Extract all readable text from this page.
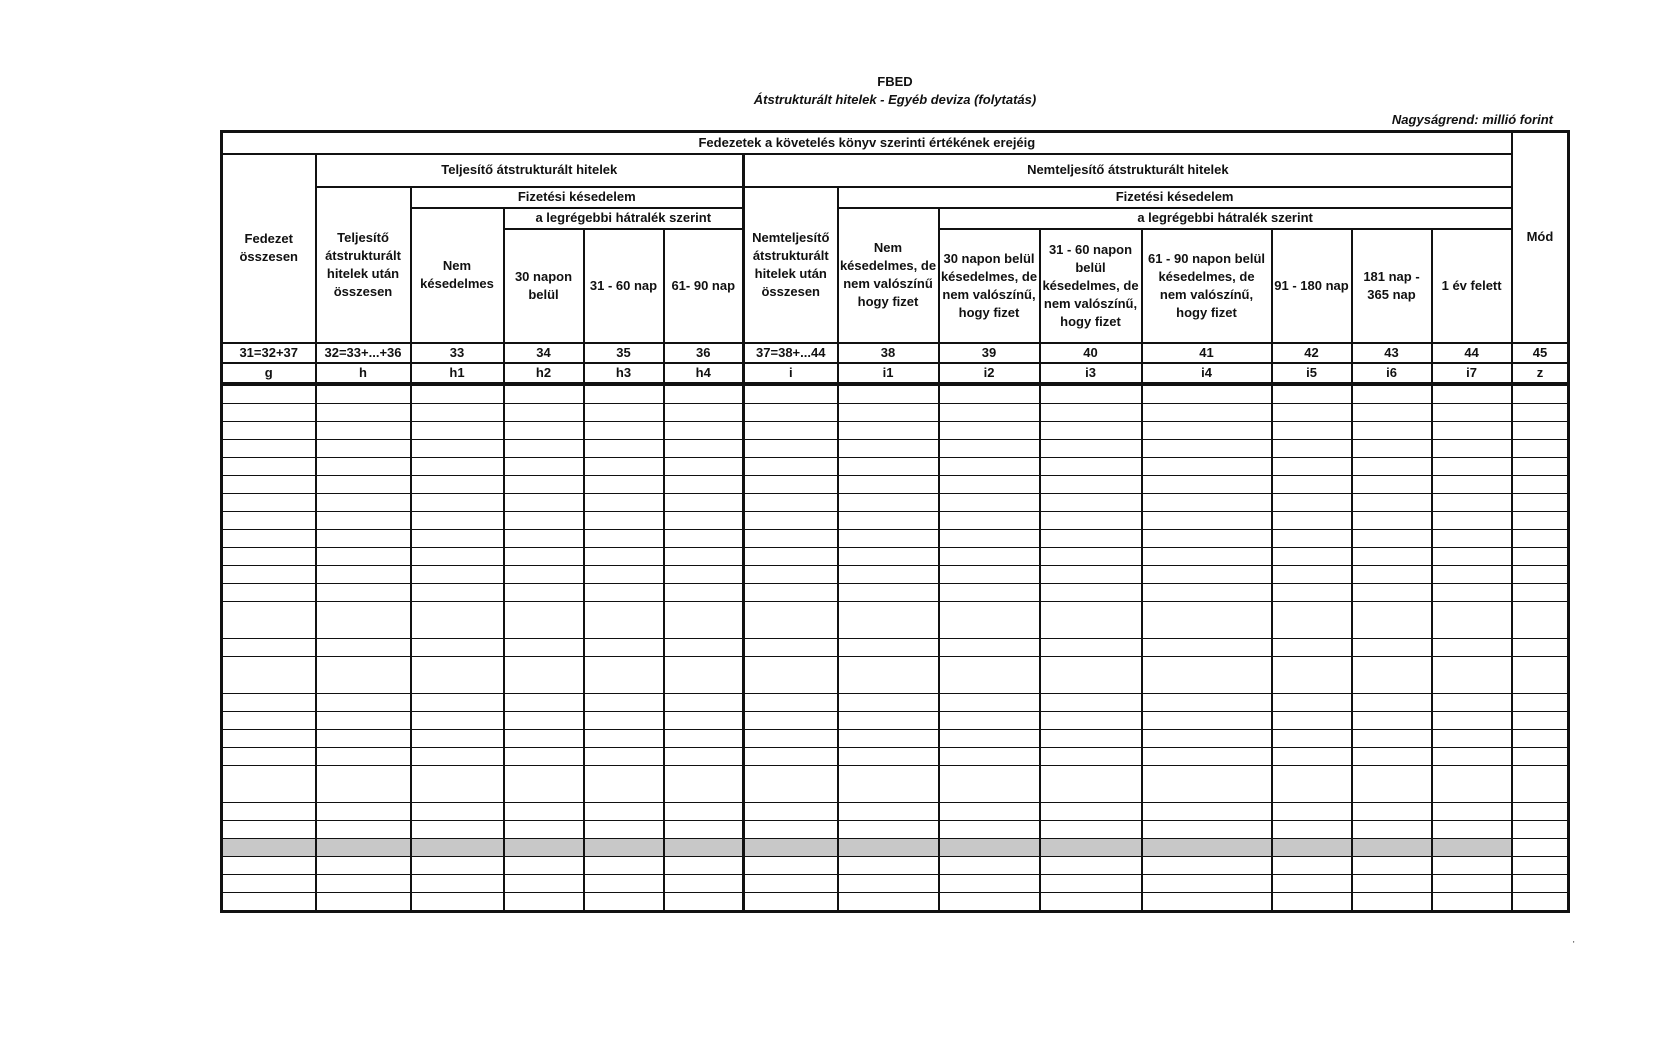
FBED
Átstrukturált hitelek - Egyéb deviza (folytatás)
Nagyságrend: millió forint
Fedezetek a követelés könyv szerinti értékének erejéig														Mód
Fedezet összesen	Teljesítő átstrukturált hitelek					Nemteljesítő átstrukturált hitelek								
	Teljesítő átstrukturált hitelek után összesen	Fizetési késedelem				Nemteljesítő átstrukturált hitelek után összesen	Fizetési késedelem							
		Nem késedelmes	a legrégebbi hátralék szerint				Nem késedelmes, de nem valószínű hogy fizet	a legrégebbi hátralék szerint						
			30 napon belül	31 - 60 nap	61- 90 nap			30 napon belül késedelmes, de nem valószínű, hogy fizet	31 - 60 napon belül késedelmes, de nem valószínű, hogy fizet	61 - 90 napon belül késedelmes, de nem valószínű, hogy fizet	91 - 180 nap	181 nap - 365 nap	1 év felett	
31=32+37	32=33+...+36	33	34	35	36	37=38+...44	38	39	40	41	42	43	44	45
g	h	h1	h2	h3	h4	i	i1	i2	i3	i4	i5	i6	i7	z

'
